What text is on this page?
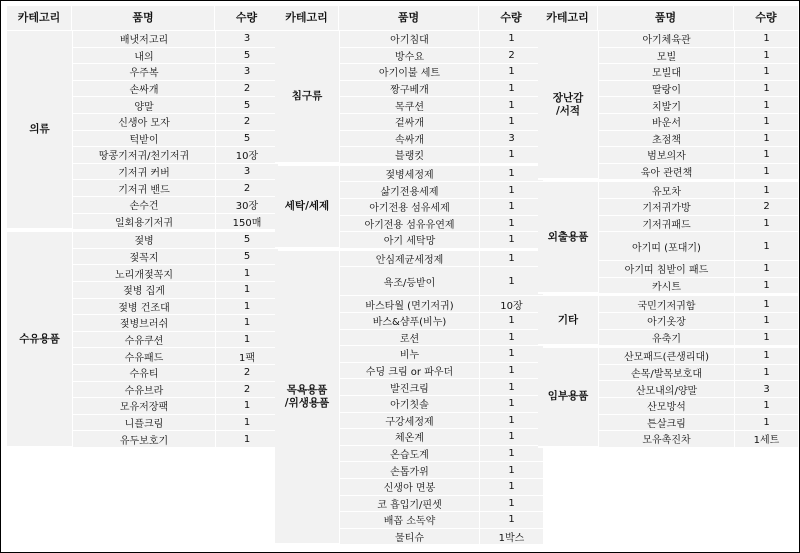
카테고리	품명	수량
의류
배냇저고리	3
내의	5
우주복	3
손싸개	2
양말	5
신생아 모자	2
턱받이	5
땅콩기저귀/천기저귀	10장
기저귀 커버	3
기저귀 밴드	2
손수건	30장
일회용기저귀	150매
수유용품
젖병	5
젖꼭지	5
노리개젖꼭지	1
젖병 집게	1
젖병 건조대	1
젖병브러쉬	1
수유쿠션	1
수유패드	1팩
수유티	2
수유브라	2
모유저장팩	1
니플크림	1
유두보호기	1
카테고리	품명	수량
침구류
아기침대	1
방수요	2
아기이불 세트	1
짱구베개	1
목쿠션	1
겉싸개	1
속싸개	3
블랭킷	1
세탁/세제
젖병세정제	1
삶기전용세제	1
아기전용 섬유세제	1
아기전용 섬유유연제	1
아기 세탁망	1
목욕용품
/위생용품
안심제균세정제	1
욕조/등받이	1
바스타월 (면기저귀)	10장
바스&샴푸(비누)	1
로션	1
비누	1
수딩 크림 or 파우더	1
발진크림	1
아기칫솔	1
구강세정제	1
체온계	1
온습도계	1
손톱가위	1
신생아 면봉	1
코 흡입기/핀셋	1
배꼽 소독약	1
물티슈	1박스
카테고리	품명	수량
장난감
/서적
아기체육관	1
모빌	1
모빌대	1
딸랑이	1
치발기	1
바운서	1
초점책	1
범보의자	1
육아 관련책	1
외출용품
유모차	1
기저귀가방	2
기저귀패드	1
아기띠 (포대기)	1
아기띠 침받이 패드	1
카시트	1
기타
국민기저귀함	1
아기옷장	1
유축기	1
임부용품
산모패드(큰생리대)	1
손목/발목보호대	1
산모내의/양말	3
산모방석	1
튼살크림	1
모유촉진차	1세트
